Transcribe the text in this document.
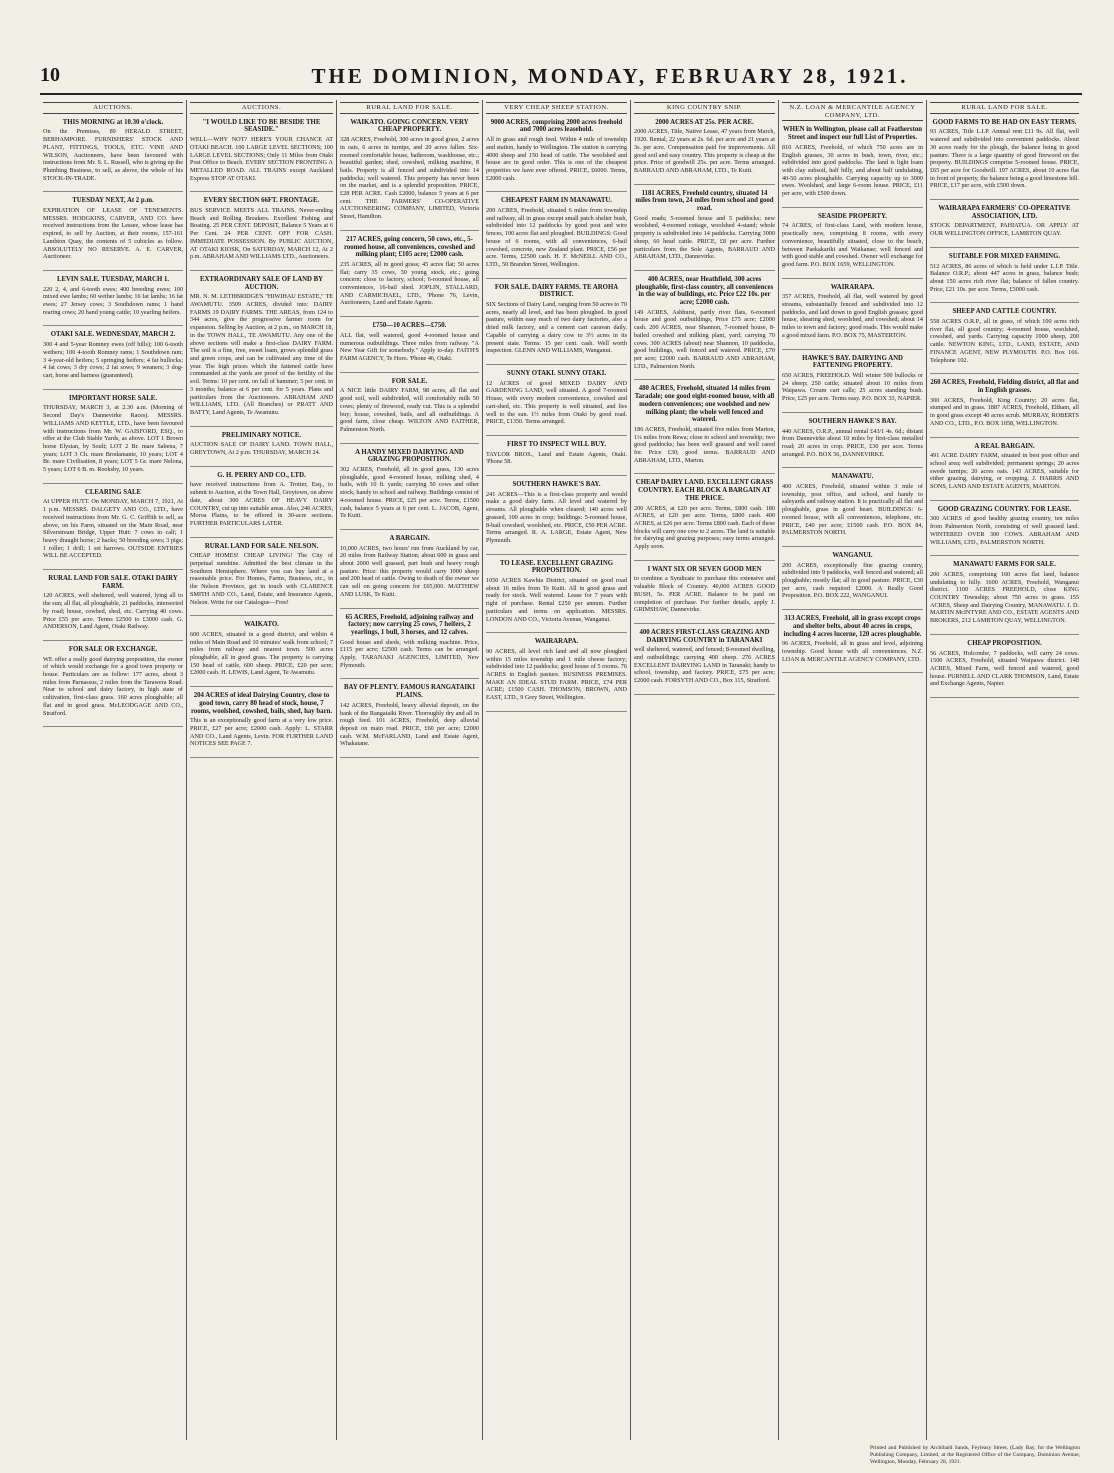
10	THE DOMINION, MONDAY, FEBRUARY 28, 1921.
AUCTIONS.
THIS MORNING at 10.30 o'clock.
On the Premises, 89 HERALD STREET, BERHAMPORE. FURNISHERS' STOCK AND PLANT, FITTINGS, TOOLS, ETC. VINE AND WILSON, Auctioneers, have been favoured with instructions from Mr. S. L. Russell, who is giving up the Plumbing Business, to sell, as above, the whole of his STOCK-IN-TRADE.
TUESDAY NEXT, At 2 p.m.
EXPIRATION OF LEASE OF TENEMENTS. MESSRS. HODGKINS, CARVER, AND CO. have received instructions from the Lessee, whose lease has expired, to sell by Auction, at their rooms, 157-161 Lambton Quay, the contents of 5 cubicles as follow. ABSOLUTELY NO RESERVE. A. E. CARVER, Auctioneer.
LEVIN SALE. TUESDAY, MARCH 1.
220 2, 4, and 6-tooth ewes; 400 breeding ewes; 100 mixed ewe lambs; 60 wether lambs; 16 fat lambs; 16 fat ewes; 27 Jersey cows; 3 Southdown rams; 1 hand rearing cows; 20 hand young cattle; 10 yearling heifers.
OTAKI SALE. WEDNESDAY, MARCH 2.
300 4 and 5-year Romney ewes (off hills); 100 6-tooth wethers; 100 4-tooth Romney rams; 1 Southdown ram; 3 4-year-old heifers; 5 springing heifers; 4 fat bullocks; 4 fat cows; 3 dry cows; 2 fat sows; 9 weaners; 3 dog-cart, horse and harness (guaranteed).
IMPORTANT HORSE SALE.
THURSDAY, MARCH 3, at 2.30 a.m. (Morning of Second Day's Dannevirke Races). MESSRS. WILLIAMS AND KETTLE, LTD., have been favoured with instructions from Mr. W. GAISFORD, ESQ., to offer at the Club Stable Yards, as above. LOT 1 Brown horse Elysian, by Soult; LOT 2 Br. mare Sabena, 7 years; LOT 3 Ch. mare Brodamante, 10 years; LOT 4 Br. mare Civilisation, 8 years; LOT 5 Gr. mare Nelona, 5 years; LOT 6 B. m. Rooksby, 10 years.
CLEARING SALE
At UPPER HUTT. On MONDAY, MARCH 7, 1921, At 1 p.m. MESSRS. DALGETY AND CO., LTD., have received instructions from Mr. G. C. Griffith to sell, as above, on his Farm, situated on the Main Road, near Silverstream Bridge, Upper Hutt: 7 cows in calf; 1 heavy draught horse; 2 hacks; 50 breeding sows; 3 pigs; 1 roller; 1 drill; 1 set harrows. OUTSIDE ENTRIES WILL BE ACCEPTED.
RURAL LAND FOR SALE. OTAKI DAIRY FARM.
120 ACRES, well sheltered, well watered, lying all to the sun; all flat, all ploughable, 21 paddocks, intersected by road; house, cowbed, shed, etc. Carrying 40 cows. Price £55 per acre. Terms £2500 to £3000 cash. G. ANDERSON, Land Agent, Otaki Railway.
FOR SALE OR EXCHANGE.
WE offer a really good dairying proposition, the owner of which would exchange for a good town property or house. Particulars are as follow: 177 acres, about 3 miles from Parnassus, 2 miles from the Tarawera Road. Near to school and dairy factory, in high state of cultivation, first-class grass. 160 acres ploughable; all flat and in good grass. McLEODGAGE AND CO., Stratford.
AUCTIONS.
"I WOULD LIKE TO BE BESIDE THE SEASIDE."
WELL—WHY NOT? HERE'S YOUR CHANCE AT OTAKI BEACH. 100 LARGE LEVEL SECTIONS; 100 LARGE LEVEL SECTIONS; Only 11 Miles from Otaki Post Office to Beach. EVERY SECTION FRONTING A METALLED ROAD. ALL TRAINS except Auckland Express STOP AT OTAKI.
EVERY SECTION 66FT. FRONTAGE.
BUS SERVICE MEETS ALL TRAINS. Never-ending Beach and Rolling Breakers. Excellent Fishing and Boating. 25 PER CENT. DEPOSIT, Balance 5 Years at 6 Per Cent. 24 PER CENT. OFF FOR CASH. IMMEDIATE POSSESSION. By PUBLIC AUCTION, AT OTAKI KIOSK, On SATURDAY, MARCH 12, At 2 p.m. ABRAHAM AND WILLIAMS LTD., Auctioneers.
EXTRAORDINARY SALE OF LAND BY AUCTION.
MR. N. M. LETHBRIDGE'S "HIWIHAU ESTATE," TE AWAMUTU. 3509 ACRES, divided into: DAIRY FARMS 19 DAIRY FARMS. THE AREAS, from 124 to 344 acres, give the progressive farmer room for expansion. Selling by Auction, at 2 p.m., on MARCH 18, in the TOWN HALL, TE AWAMUTU. Any one of the above sections will make a first-class DAIRY FARM. The soil is a fine, free, sweet loam, grows splendid grass and green crops, and can be cultivated any time of the year. The high prices which the fattened cattle have commanded at the yards are proof of the fertility of the soil. Terms: 10 per cent. on fall of hammer; 5 per cent. in 3 months; balance at 6 per cent. for 5 years. Plans and particulars from the Auctioneers. ABRAHAM AND WILLIAMS, LTD. (All Branches) or PRATT AND BATTY, Land Agents, Te Awamutu.
PRELIMINARY NOTICE.
AUCTION SALE OF DAIRY LAND. TOWN HALL, GREYTOWN, At 2 p.m. THURSDAY, MARCH 24.
G. H. PERRY AND CO., LTD.
have received instructions from A. Trotter, Esq., to submit to Auction, at the Town Hall, Greytown, on above date, about 300 ACRES OF HEAVY DAIRY COUNTRY, cut up into suitable areas. Also, 246 ACRES, Moroa Plains, to be offered in 30-acre sections. FURTHER PARTICULARS LATER.
RURAL LAND FOR SALE. NELSON.
CHEAP HOMES! CHEAP LIVING! The City of perpetual sunshine. Admitted the best climate in the Southern Hemisphere. Where you can buy land at a reasonable price. For Homes, Farms, Business, etc., in the Nelson Province, get in touch with CLARENCE SMITH AND CO., Land, Estate, and Insurance Agents, Nelson. Write for our Catalogue—Free!
WAIKATO.
600 ACRES, situated in a good district, and within 4 miles of Main Road and 10 minutes' walk from school; 7 miles from railway and nearest town. 500 acres ploughable, all in good grass. The property is carrying 150 head of cattle, 600 sheep. PRICE, £20 per acre; £2000 cash. H. LEWIS, Land Agent, Te Awamutu.
204 ACRES of ideal Dairying Country, close to good town, carry 80 head of stock, house, 7 rooms, woolshed, cowshed, bails, shed, hay barn.
This is an exceptionally good farm at a very low price. PRICE, £27 per acre; £2000 cash. Apply: L. STARR AND CO., Land Agents, Levin. FOR FURTHER LAND NOTICES SEE PAGE 7.
RURAL LAND FOR SALE.
WAIKATO. GOING CONCERN. VERY CHEAP PROPERTY.
328 ACRES, Freehold, 300 acres in good grass, 2 acres in oats, 6 acres in turnips, and 20 acres fallen. Six-roomed comfortable house, bathroom, washhouse, etc.; beautiful garden; shed, cowshed, milking machine, 8 bails. Property is all fenced and subdivided into 14 paddocks; well watered. This property has never been on the market, and is a splendid proposition. PRICE, £28 PER ACRE. Cash £2000, balance 5 years at 6 per cent. THE FARMERS' CO-OPERATIVE AUCTIONEERING COMPANY, LIMITED, Victoria Street, Hamilton.
217 ACRES, going concern, 50 cows, etc., 5-roomed house, all conveniences, cowshed and milking plant; £105 acre; £2000 cash.
235 ACRES, all in good grass; 45 acres flat; 50 acres flat; carry 35 cows, 30 young stock, etc.; going concern; close to factory, school; 6-roomed house, all conveniences, 16-bail shed. JOPLIN, STALLARD, AND CARMICHAEL, LTD., 'Phone 76, Levin, Auctioneers, Land and Estate Agents.
£750—10 ACRES—£750.
ALL flat, well watered, good 4-roomed house and numerous outbuildings. Three miles from railway. "A New Year Gift for somebody." Apply to-day. FAITH'S FARM AGENCY, Te Horo. 'Phone 46, Otaki.
FOR SALE.
A NICE little DAIRY FARM, 98 acres, all flat and good soil, well subdivided, will comfortably milk 50 cows; plenty of firewood, ready cut. This is a splendid buy; house, cowshed, bails, and all outbuildings. A good farm, close cheap. WILTON AND FAITHER, Palmerston North.
A HANDY MIXED DAIRYING AND GRAZING PROPOSITION.
302 ACRES, Freehold, all in good grass, 130 acres ploughable, good 4-roomed house, milking shed, 4 bails, with 10 ft. yards; carrying 50 cows and other stock; handy to school and railway. Buildings consist of 4-roomed house. PRICE, £25 per acre. Terms, £1500 cash, balance 5 years at 6 per cent. L. JACOB, Agent, Te Kuiti.
A BARGAIN.
10,000 ACRES, two hours' run from Auckland by car, 20 miles from Railway Station; about 600 in grass and about 2000 well grassed, part bush and heavy rough pasture. Price: this property would carry 1000 sheep and 200 head of cattle. Owing to death of the owner we can sell on going concern for £65,000. MATTHEW AND LUSK, Te Kuiti.
65 ACRES, Freehold, adjoining railway and factory; now carrying 25 cows, 7 heifers, 2 yearlings, 1 bull, 3 horses, and 12 calves.
Good house and sheds, with milking machine. Price, £115 per acre; £2500 cash. Terms can be arranged. Apply, TARANAKI AGENCIES, LIMITED, New Plymouth.
BAY OF PLENTY. FAMOUS RANGATAIKI PLAINS.
142 ACRES, Freehold, heavy alluvial deposit, on the bank of the Rangataiki River. Thoroughly dry and all in rough feed. 101 ACRES, Freehold, deep alluvial deposit on main road. PRICE, £60 per acre; £2000 cash. W.M. McFARLAND, Land and Estate Agent, Whakatane.
VERY CHEAP SHEEP STATION.
9000 ACRES, comprising 2000 acres freehold and 7000 acres leasehold.
All in grass and rough feed. Within 4 mile of township and station, handy to Wellington. The station is carrying 4000 sheep and 150 head of cattle. The woolshed and house are in good order. This is one of the cheapest properties we have ever offered. PRICE, £6000. Terms, £2000 cash.
CHEAPEST FARM IN MANAWATU.
200 ACRES, Freehold, situated 6 miles from township and railway, all in grass except small patch shelter bush, subdivided into 12 paddocks by good post and wire fences, 100 acres flat and ploughed. BUILDINGS: Good house of 6 rooms, with all conveniences, 6-bail cowshed, concrete, new Zealand plant. PRICE, £56 per acre. Terms, £2500 cash. H. F. McNEILL AND CO., LTD., 50 Brandon Street, Wellington.
FOR SALE. DAIRY FARMS. TE AROHA DISTRICT.
SIX Sections of Dairy Land, ranging from 50 acres to 70 acres, nearly all level, and has been ploughed. In good pasture, within easy reach of two dairy factories, also a dried milk factory, and a cement cart caravan daily. Capable of carrying a dairy cow to 3½ acres in its present state. Terms: 15 per cent. cash. Well worth inspection. GLENN AND WILLIAMS, Wanganui.
SUNNY OTAKI. SUNNY OTAKI.
12 ACRES of good MIXED DAIRY AND GARDENING LAND, well situated. A good 7-roomed House, with every modern convenience, cowshed and cart-shed, etc. This property is well situated, and lies well to the sun. 1½ miles from Otaki by good road. PRICE, £1350. Terms arranged.
FIRST TO INSPECT WILL BUY.
TAYLOR BROS., Land and Estate Agents, Otaki. 'Phone 58.
SOUTHERN HAWKE'S BAY.
241 ACRES—This is a first-class property and would make a good dairy farm. All level and watered by streams. All ploughable when cleared; 140 acres well grassed, 100 acres in crop; buildings: 5-roomed house, 8-bail cowshed, woolshed, etc. PRICE, £50 PER ACRE. Terms arranged. R. A. LARGE, Estate Agent, New Plymouth.
TO LEASE. EXCELLENT GRAZING PROPOSITION.
1050 ACRES Kawhia District, situated on good road about 16 miles from Te Kuiti. All in good grass and ready for stock. Well watered. Lease for 7 years with right of purchase. Rental £250 per annum. Further particulars and terms on application. MESSRS. LONDON AND CO., Victoria Avenue, Wanganui.
WAIRARAPA.
90 ACRES, all level rich land and all now ploughed within 15 miles township and 1 mile cheese factory; subdivided into 12 paddocks; good house of 5 rooms. 76 ACRES in English pasture. BUSINESS PREMISES. MAKE AN IDEAL STUD FARM. PRICE, £74 PER ACRE; £1500 CASH. THOMSON, BROWN, AND EAST, LTD., 9 Grey Street, Wellington.
KING COUNTRY SNIP.
2000 ACRES AT 25s. PER ACRE.
2000 ACRES, Title, Native Lease, 47 years from March, 1920. Rental, 22 years at 2s. 6d. per acre and 21 years at 3s. per acre. Compensation paid for improvements. All good soil and easy country. This property is cheap at the price. Price of goodwill 25s. per acre. Terms arranged. BARRAUD AND ABRAHAM, LTD., Te Kuiti.
1181 ACRES, Freehold country, situated 14 miles from town, 24 miles from school and good road.
Good roads; 5-roomed house and 5 paddocks; new woolshed, 4-roomed cottage, woolshed 4-stand; whole property is subdivided into 14 paddocks. Carrying 3000 sheep, 60 head cattle. PRICE, £8 per acre. Further particulars from the Sole Agents, BARRAUD AND ABRAHAM, LTD., Dannevirke.
400 ACRES, near Heathfield, 300 acres ploughable, first-class country, all conveniences in the way of buildings, etc. Price £22 10s. per acre; £2000 cash.
149 ACRES, Ashhurst, partly river flats, 6-roomed house and good outbuildings, Price £75 acre; £2000 cash. 200 ACRES, near Shannon, 7-roomed house, 8-bailed cowshed and milking plant, yard; carrying 70 cows. 300 ACRES (about) near Shannon, 10 paddocks, good buildings, well fenced and watered. PRICE, £70 per acre; £2000 cash. BARRAUD AND ABRAHAM, LTD., Palmerston North.
480 ACRES, Freehold, situated 14 miles from Taradale; one good eight-roomed house, with all modern conveniences; one woolshed and new milking plant; the whole well fenced and watered.
186 ACRES, Freehold, situated five miles from Marton, 1¼ miles from Rewa; close to school and township; two good paddocks; has been well grassed and well cared for. Price £30; good terms. BARRAUD AND ABRAHAM, LTD., Marton.
CHEAP DAIRY LAND. EXCELLENT GRASS COUNTRY. EACH BLOCK A BARGAIN AT THE PRICE.
200 ACRES, at £20 per acre. Terms, £800 cash. 180 ACRES, at £20 per acre. Terms, £800 cash. 400 ACRES, at £26 per acre. Terms £800 cash. Each of these blocks will carry one cow to 2 acres. The land is suitable for dairying and grazing purposes; easy terms arranged. Apply soon.
I WANT SIX OR SEVEN GOOD MEN
to combine a Syndicate to purchase this extensive and valuable Block of Country. 40,000 ACRES GOOD BUSH, 5s. PER ACRE. Balance to be paid on completion of purchase. For further details, apply J. GRIMSHAW, Dannevirke.
400 ACRES FIRST-CLASS GRAZING AND DAIRYING COUNTRY in TARANAKI
well sheltered, watered, and fenced; 8-roomed dwelling, and outbuildings; carrying 400 sheep. 276 ACRES EXCELLENT DAIRYING LAND in Taranaki; handy to school, township, and factory. PRICE, £75 per acre; £2000 cash. FORSYTH AND CO., Box 115, Stratford.
N.Z. LOAN & MERCANTILE AGENCY COMPANY, LTD.
WHEN in Wellington, please call at Featherston Street and inspect our full List of Properties.
810 ACRES, Freehold, of which 750 acres are in English grasses, 30 acres in bush, town, river, etc.; subdivided into good paddocks. The land is light loam with clay subsoil, half hilly, and about half undulating, 40-50 acres ploughable. Carrying capacity up to 3000 ewes. Woolshed, and large 6-room house. PRICE, £11 per acre, with £500 down.
SEASIDE PROPERTY.
74 ACRES, of first-class Land, with modern house, practically new, comprising 8 rooms, with every convenience, beautifully situated, close to the beach, between Paekakariki and Waikanae; well fenced and with good stable and cowshed. Owner will exchange for good farm. P.O. BOX 1659, WELLINGTON.
WAIRARAPA.
357 ACRES, Freehold, all flat, well watered by good streams, substantially fenced and subdivided into 12 paddocks, and laid down in good English grasses; good house, shearing shed, woolshed, and cowshed; about 14 miles to town and factory; good roads. This would make a good mixed farm. P.O. BOX 75, MASTERTON.
HAWKE'S BAY. DAIRYING AND FATTENING PROPERTY.
650 ACRES, FREEHOLD. Will winter 500 bullocks or 24 sheep; 250 cattle; situated about 10 miles from Waipawa. Cream cart calls; 25 acres standing bush. Price, £25 per acre. Terms easy. P.O. BOX 33, NAPIER.
SOUTHERN HAWKE'S BAY.
440 ACRES, O.R.P., annual rental £43/1 4s. 6d.; distant from Dannevirke about 10 miles by first-class metalled road; 20 acres in crop. PRICE, £30 per acre. Terms arranged. P.O. BOX 56, DANNEVIRKE.
MANAWATU.
400 ACRES, Freehold, situated within 3 mile of township, post office, and school, and handy to saleyards and railway station. It is practically all flat and ploughable, grass in good heart. BUILDINGS: 6-roomed house, with all conveniences, telephone, etc. PRICE, £40 per acre; £1500 cash. P.O. BOX 84, PALMERSTON NORTH.
WANGANUI.
200 ACRES, exceptionally fine grazing country, subdivided into 9 paddocks, well fenced and watered; all ploughable; mostly flat; all in good pasture. PRICE, £30 per acre, cash required £2000. A Really Good Proposition. P.O. BOX 222, WANGANUI.
313 ACRES, Freehold, all in grass except crops and shelter belts, about 40 acres in crops, including 4 acres lucerne, 120 acres ploughable.
96 ACRES, Freehold, all in grass and level, adjoining township. Good house with all conveniences. N.Z. LOAN & MERCANTILE AGENCY COMPANY, LTD.
RURAL LAND FOR SALE.
GOOD FARMS TO BE HAD ON EASY TERMS.
93 ACRES, Title L.I.P. Annual rent £11 9s. All flat, well watered and subdivided into convenient paddocks. About 30 acres ready for the plough, the balance being in good pasture. There is a large quantity of good firewood on the property. BUILDINGS comprise 5-roomed house. PRICE, £65 per acre for Goodwill. 197 ACRES, about 10 acres flat in front of property, the balance being a good limestone hill. PRICE, £17 per acre, with £500 down.
WAIRARAPA FARMERS' CO-OPERATIVE ASSOCIATION, LTD.
STOCK DEPARTMENT, PAHIATUA. OR APPLY AT OUR WELLINGTON OFFICE, LAMBTON QUAY.
SUITABLE FOR MIXED FARMING.
512 ACRES, 86 acres of which is held under L.I.P. Title. Balance O.R.P.; about 447 acres in grass, balance bush; about 150 acres rich river flat; balance of fallen country. Price, £21 10s. per acre. Terms, £3000 cash.
SHEEP AND CATTLE COUNTRY.
558 ACRES O.R.P., all in grass, of which 100 acres rich river flat, all good country; 4-roomed house, woolshed, cowshed, and yards. Carrying capacity 1000 sheep, 200 cattle. NEWTON KING, LTD., LAND, ESTATE, AND FINANCE AGENT, NEW PLYMOUTH. P.O. Box 166. Telephone 102.
260 ACRES, Freehold, Fielding district, all flat and in English grasses.
300 ACRES, Freehold, King Country; 20 acres flat, stumped and in grass. 1887 ACRES, Freehold, Eltham, all in good grass except 40 acres scrub. MURRAY, ROBERTS AND CO., LTD., P.O. BOX 1058, WELLINGTON.
A REAL BARGAIN.
491 ACRE DAIRY FARM, situated in best post office and school area; well subdivided; permanent springs; 20 acres swede turnips; 20 acres oats. 143 ACRES, suitable for either grazing, dairying, or cropping. J. HARRIS AND SONS, LAND AND ESTATE AGENTS, MARTON.
GOOD GRAZING COUNTRY. FOR LEASE.
300 ACRES of good healthy grazing country, ten miles from Palmerston North, consisting of well grassed land. WINTERED OVER 300 COWS. ABRAHAM AND WILLIAMS, LTD., PALMERSTON NORTH.
MANAWATU FARMS FOR SALE.
200 ACRES, comprising 160 acres flat land, balance undulating to hilly. 1600 ACRES, Freehold, Wanganui district. 1100 ACRES FREEHOLD, close KING COUNTRY Township; about 750 acres in grass. 155 ACRES, Sheep and Dairying Country, MANAWATU. J. D. MARTIN McINTYRE AND CO., ESTATE AGENTS AND BROKERS, 212 LAMBTON QUAY, WELLINGTON.
CHEAP PROPOSITION.
56 ACRES, Holcombe, 7 paddocks, will carry 24 cows. 1500 ACRES, Freehold, situated Waipawa district. 148 ACRES, Mixed Farm, well fenced and watered, good house. PURNELL AND CLARK THOMSON, Land, Estate and Exchange Agents, Napier.
Printed and Published by Archibald Sands, Feyleasy Street, (Lady Bay, for the Wellington Publishing Company, Limited, at the Registered Office of the Company, Dominion Avenue, Wellington, Monday, February 28, 1921.
